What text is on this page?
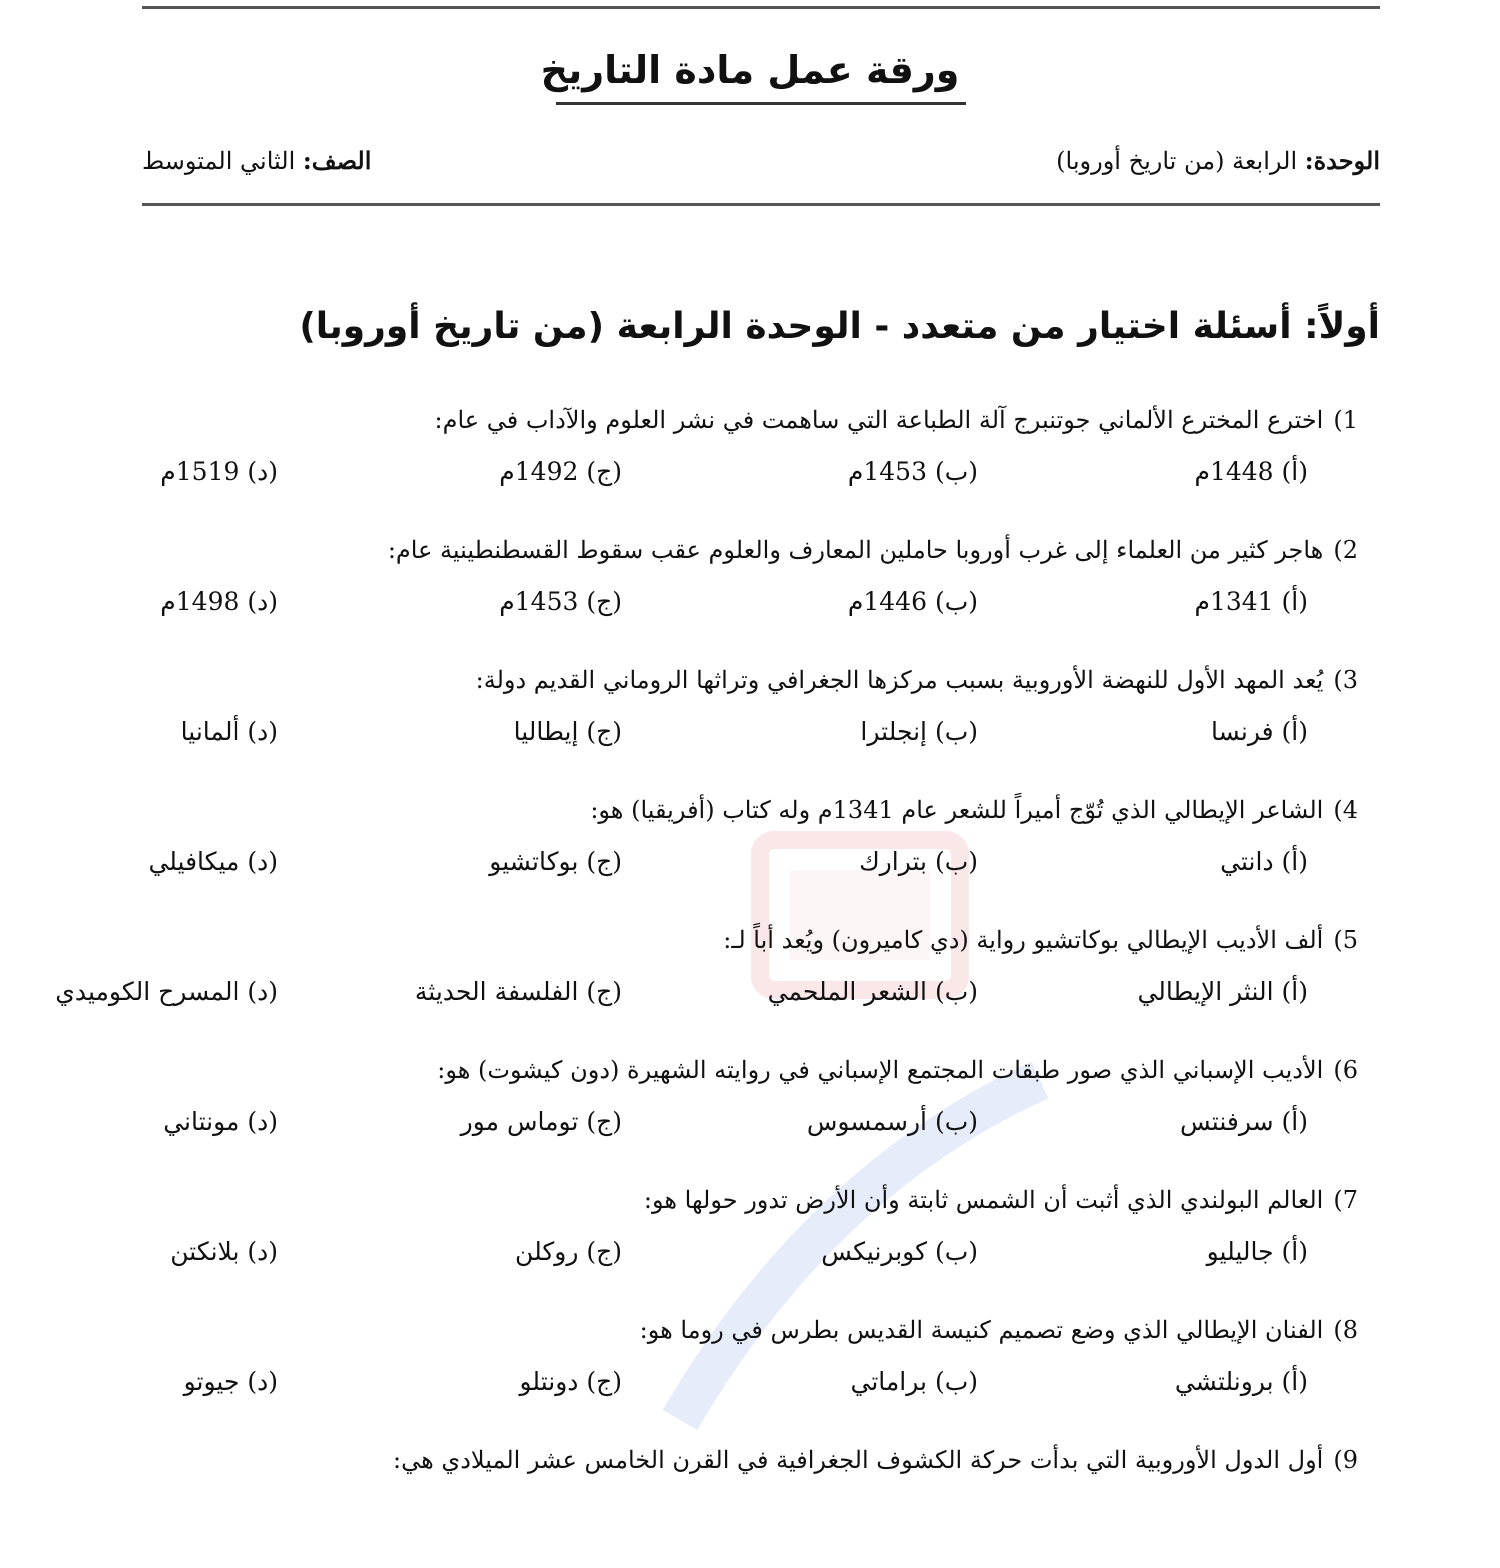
ورقة عمل مادة التاريخ
الوحدة: الرابعة (من تاريخ أوروبا)
الصف: الثاني المتوسط
أولاً: أسئلة اختيار من متعدد - الوحدة الرابعة (من تاريخ أوروبا)
1)اخترع المخترع الألماني جوتنبرج آلة الطباعة التي ساهمت في نشر العلوم والآداب في عام:
(أ) 1448م
(ب) 1453م
(ج) 1492م
(د) 1519م
2)هاجر كثير من العلماء إلى غرب أوروبا حاملين المعارف والعلوم عقب سقوط القسطنطينية عام:
(أ) 1341م
(ب) 1446م
(ج) 1453م
(د) 1498م
3)يُعد المهد الأول للنهضة الأوروبية بسبب مركزها الجغرافي وتراثها الروماني القديم دولة:
(أ) فرنسا
(ب) إنجلترا
(ج) إيطاليا
(د) ألمانيا
4)الشاعر الإيطالي الذي تُوّج أميراً للشعر عام 1341م وله كتاب (أفريقيا) هو:
(أ) دانتي
(ب) بترارك
(ج) بوكاتشيو
(د) ميكافيلي
5)ألف الأديب الإيطالي بوكاتشيو رواية (دي كاميرون) ويُعد أباً لـ:
(أ) النثر الإيطالي
(ب) الشعر الملحمي
(ج) الفلسفة الحديثة
(د) المسرح الكوميدي
6)الأديب الإسباني الذي صور طبقات المجتمع الإسباني في روايته الشهيرة (دون كيشوت) هو:
(أ) سرفنتس
(ب) أرسمسوس
(ج) توماس مور
(د) مونتاني
7)العالم البولندي الذي أثبت أن الشمس ثابتة وأن الأرض تدور حولها هو:
(أ) جاليليو
(ب) كوبرنيكس
(ج) روكلن
(د) بلانكتن
8)الفنان الإيطالي الذي وضع تصميم كنيسة القديس بطرس في روما هو:
(أ) برونلتشي
(ب) براماتي
(ج) دونتلو
(د) جيوتو
9)أول الدول الأوروبية التي بدأت حركة الكشوف الجغرافية في القرن الخامس عشر الميلادي هي:
